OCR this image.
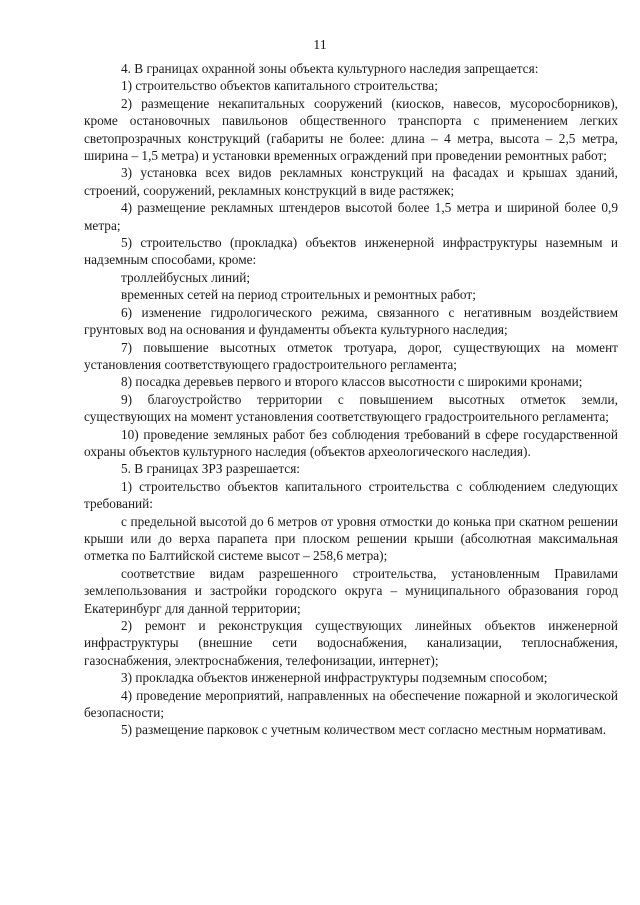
11

4. В границах охранной зоны объекта культурного наследия запрещается:

1) строительство объектов капитального строительства;

2) размещение некапитальных сооружений (киосков, навесов, мусоросборников), кроме остановочных павильонов общественного транспорта с применением легких светопрозрачных конструкций (габариты не более: длина – 4 метра, высота – 2,5 метра, ширина – 1,5 метра) и установки временных ограждений при проведении ремонтных работ;

3) установка всех видов рекламных конструкций на фасадах и крышах зданий, строений, сооружений, рекламных конструкций в виде растяжек;

4) размещение рекламных штендеров высотой более 1,5 метра и шириной более 0,9 метра;

5) строительство (прокладка) объектов инженерной инфраструктуры наземным и надземным способами, кроме:

троллейбусных линий;

временных сетей на период строительных и ремонтных работ;

6) изменение гидрологического режима, связанного с негативным воздействием грунтовых вод на основания и фундаменты объекта культурного наследия;

7) повышение высотных отметок тротуара, дорог, существующих на момент установления соответствующего градостроительного регламента;

8) посадка деревьев первого и второго классов высотности с широкими кронами;

9) благоустройство территории с повышением высотных отметок земли, существующих на момент установления соответствующего градостроительного регламента;

10) проведение земляных работ без соблюдения требований в сфере государственной охраны объектов культурного наследия (объектов археологического наследия).

5. В границах ЗРЗ разрешается:

1) строительство объектов капитального строительства с соблюдением следующих требований:

с предельной высотой до 6 метров от уровня отмостки до конька при скатном решении крыши или до верха парапета при плоском решении крыши (абсолютная максимальная отметка по Балтийской системе высот – 258,6 метра);

соответствие видам разрешенного строительства, установленным Правилами землепользования и застройки городского округа – муниципального образования город Екатеринбург для данной территории;

2) ремонт и реконструкция существующих линейных объектов инженерной инфраструктуры (внешние сети водоснабжения, канализации, теплоснабжения, газоснабжения, электроснабжения, телефонизации, интернет);

3) прокладка объектов инженерной инфраструктуры подземным способом;

4) проведение мероприятий, направленных на обеспечение пожарной и экологической безопасности;

5) размещение парковок с учетным количеством мест согласно местным нормативам.
